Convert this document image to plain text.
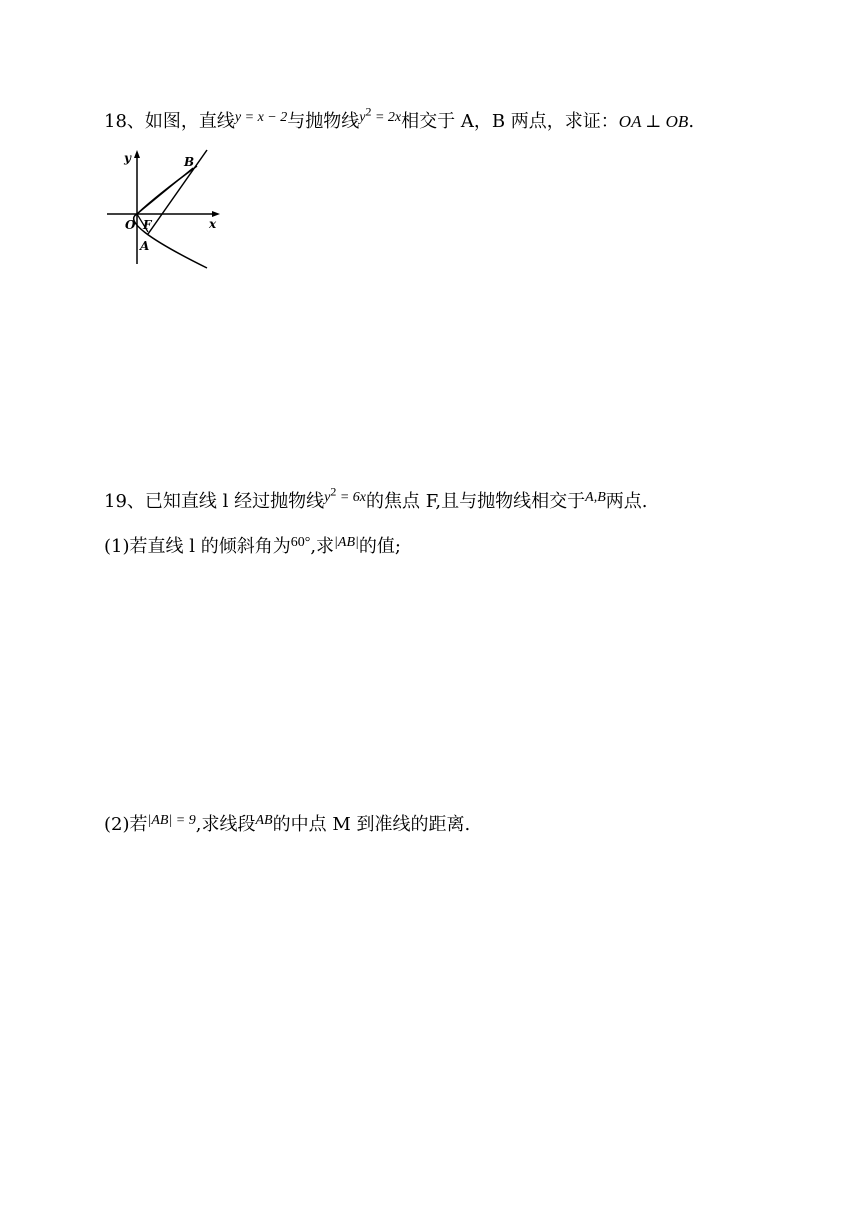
18、如图，直线$^{y = x - 2}$与抛物线$^{y2 = 2x}$相交于 A，B 两点，求证：OA ⊥ OB.
y
x
O F
A
B
19、已知直线 l 经过抛物线$^{y2 = 6x}$的焦点 F,且与抛物线相交于$^{A,B}$两点.
(1)若直线 l 的倾斜角为$^{60^\circ}$,求$^{|AB|}$的值;
(2)若$^{|AB| = 9}$,求线段$^{AB}$的中点 M 到准线的距离.
